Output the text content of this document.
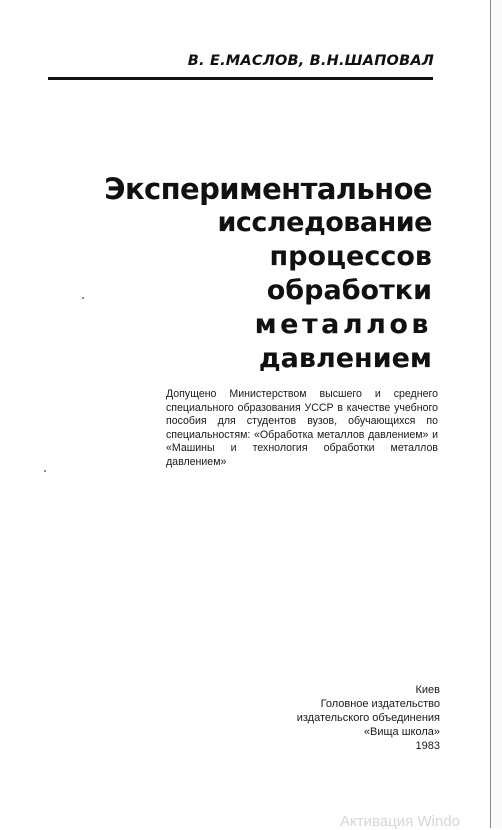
В. Е.МАСЛОВ, В.Н.ШАПОВАЛ
Экспериментальное
исследование
процессов
обработки
металлов
давлением

Допущено Министерством высшего и среднего специального образования УССР в качестве учебного пособия для студентов вузов, обучающихся по специальностям: «Обработка металлов давлением» и «Машины и технология обработки металлов давлением»

Киев
Головное издательство
издательского объединения
«Вища школа»
1983
Активация Windo
